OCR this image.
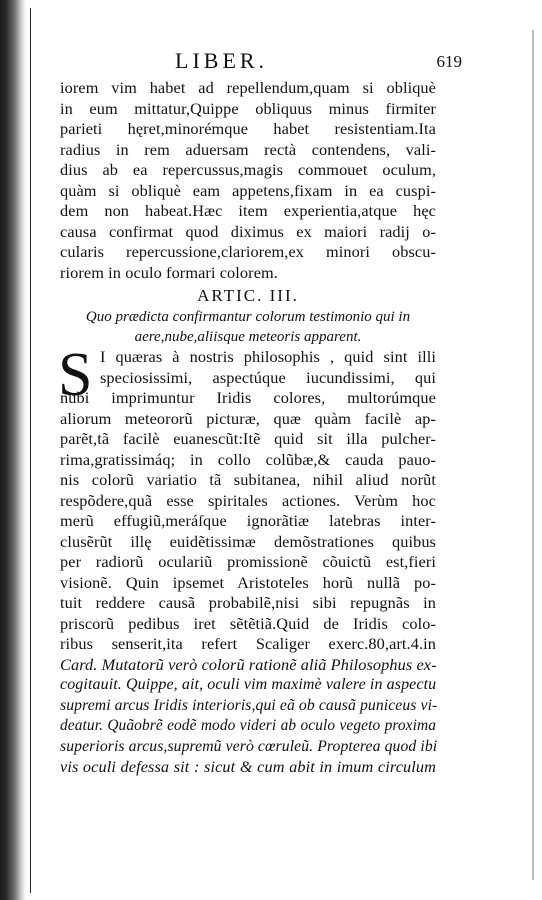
LIBER.	619
iorem vim habet ad repellendum,quam si obliquè
in eum mittatur,Quippe obliquus minus firmiter
parieti hęret,minorémque habet resistentiam.Ita
radius in rem aduersam rectà contendens, vali-
dius ab ea repercussus,magis commouet oculum,
quàm si obliquè eam appetens,fixam in ea cuspi-
dem non habeat.Hæc item experientia,atque hęc
causa confirmat quod diximus ex maiori radij o-
cularis repercussione,clariorem,ex minori obscu-
riorem in oculo formari colorem.
ARTIC. III.
Quo prædicta confirmantur colorum testimonio qui in
aere,nube,aliisque meteoris apparent.
S I quæras à nostris philosophis , quid sint illi
speciosissimi, aspectúque iucundissimi, qui
nubi imprimuntur Iridis colores, multorúmque
aliorum meteororũ picturæ, quæ quàm facilè ap-
parẽt,tã facilè euanescũt:Itẽ quid sit illa pulcher-
rima,gratissimáq; in collo colũbæ,& cauda pauo-
nis colorũ variatio tã subitanea, nihil aliud norũt
respõdere,quã esse spiritales actiones. Verùm hoc
merũ effugiũ,meráſque ignorãtiæ latebras inter-
clusẽrũt illę euidẽtissimæ demõstrationes quibus
per radiorũ oculariũ promissionẽ cõuictũ est,fieri
visionẽ. Quin ipsemet Aristoteles horũ nullã po-
tuit reddere causã probabilẽ,nisi sibi repugnãs in
priscorũ pedibus iret sẽtẽtiã.Quid de Iridis colo-
ribus senserit,ita refert Scaliger exerc.80,art.4.in
Card. Mutatorũ verò colorũ rationẽ aliã Philosophus ex-
cogitauit. Quippe, ait, oculi vim maximè valere in aspectu
supremi arcus Iridis interioris,qui eã ob causã puniceus vi-
deatur. Quãobrẽ eodẽ modo videri ab oculo vegeto proxima
superioris arcus,supremũ verò cœruleũ. Propterea quod ibi
vis oculi defessa sit : sicut & cum abit in imum circulum
